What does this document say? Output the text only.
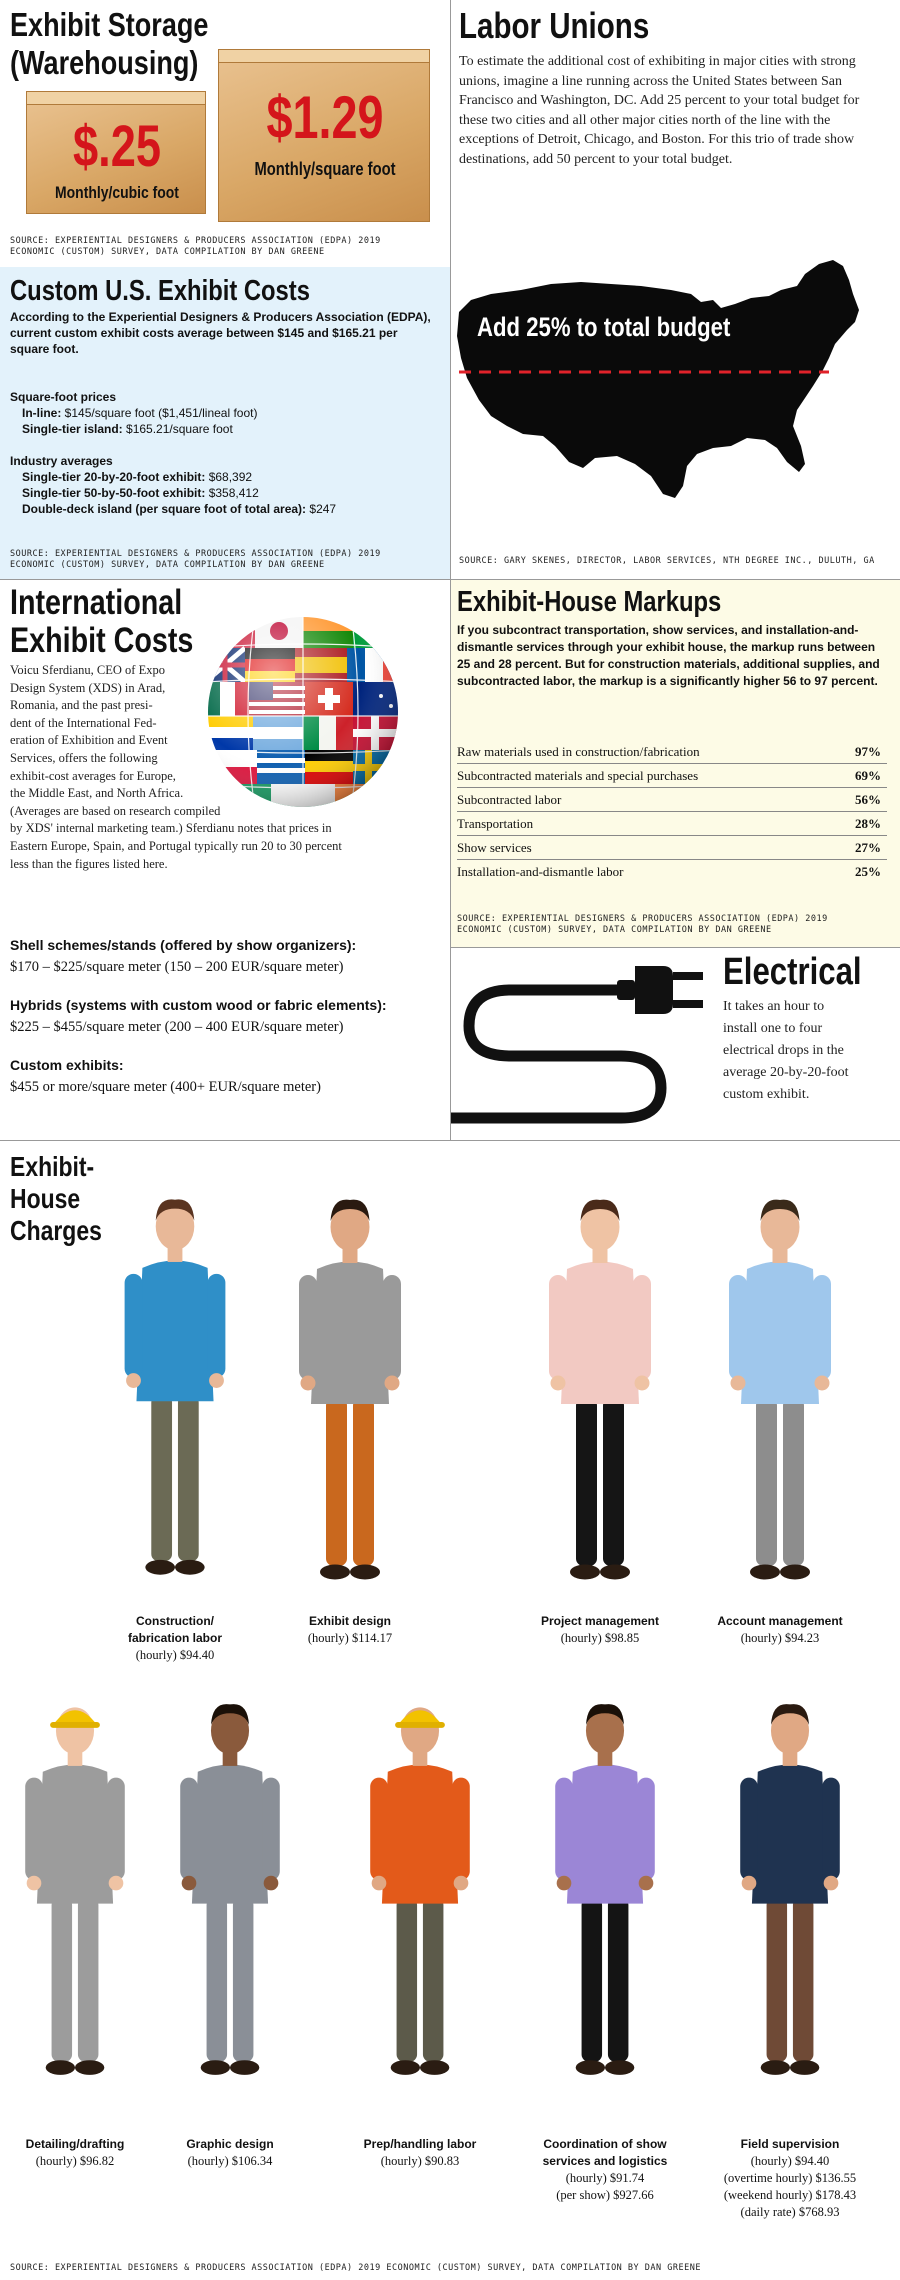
Exhibit Storage
(Warehousing)
$.25
Monthly/cubic foot
$1.29
Monthly/square foot
SOURCE: EXPERIENTIAL DESIGNERS & PRODUCERS ASSOCIATION (EDPA) 2019
ECONOMIC (CUSTOM) SURVEY, DATA COMPILATION BY DAN GREENE
Custom U.S. Exhibit Costs
According to the Experiential Designers & Producers Association (EDPA), current custom exhibit costs average between $145 and $165.21 per square foot.
Square-foot prices
In-line: $145/square foot ($1,451/lineal foot)
Single-tier island: $165.21/square foot
Industry averages
Single-tier 20-by-20-foot exhibit: $68,392
Single-tier 50-by-50-foot exhibit: $358,412
Double-deck island (per square foot of total area): $247
SOURCE: EXPERIENTIAL DESIGNERS & PRODUCERS ASSOCIATION (EDPA) 2019
ECONOMIC (CUSTOM) SURVEY, DATA COMPILATION BY DAN GREENE
Labor Unions
To estimate the additional cost of exhibiting in major cities with strong unions, imagine a line running across the United States between San Francisco and Washington, DC. Add 25 percent to your total budget for these two cities and all other major cities north of the line with the exceptions of Detroit, Chicago, and Boston. For this trio of trade show destinations, add 50 percent to your total budget.
Add 25% to total budget
SOURCE: GARY SKENES, DIRECTOR, LABOR SERVICES, NTH DEGREE INC., DULUTH, GA
International
Exhibit Costs
Voicu Sferdianu, CEO of Expo
Design System (XDS) in Arad,
Romania, and the past presi-
dent of the International Fed-
eration of Exhibition and Event
Services, offers the following
exhibit-cost averages for Europe,
the Middle East, and North Africa.
(Averages are based on research compiled
by XDS' internal marketing team.) Sferdianu notes that prices in
Eastern Europe, Spain, and Portugal typically run 20 to 30 percent
less than the figures listed here.
Shell schemes/stands (offered by show organizers):
$170 – $225/square meter (150 – 200 EUR/square meter)
Hybrids (systems with custom wood or fabric elements):
$225 – $455/square meter (200 – 400 EUR/square meter)
Custom exhibits:
$455 or more/square meter (400+ EUR/square meter)
Exhibit-House Markups
If you subcontract transportation, show services, and installation-and-dismantle services through your exhibit house, the markup runs between 25 and 28 percent. But for construction materials, additional supplies, and subcontracted labor, the markup is a significantly higher 56 to 97 percent.
Raw materials used in construction/fabrication	97%
Subcontracted materials and special purchases	69%
Subcontracted labor	56%
Transportation	28%
Show services	27%
Installation-and-dismantle labor	25%
SOURCE: EXPERIENTIAL DESIGNERS & PRODUCERS ASSOCIATION (EDPA) 2019
ECONOMIC (CUSTOM) SURVEY, DATA COMPILATION BY DAN GREENE
Electrical
It takes an hour to
install one to four
electrical drops in the
average 20-by-20-foot
custom exhibit.
Exhibit-
House
Charges
Construction/
fabrication labor
(hourly) $94.40
Exhibit design
(hourly) $114.17
Project management
(hourly) $98.85
Account management
(hourly) $94.23
Detailing/drafting
(hourly) $96.82
Graphic design
(hourly) $106.34
Prep/handling labor
(hourly) $90.83
Coordination of show
services and logistics
(hourly) $91.74
(per show) $927.66
Field supervision
(hourly) $94.40
(overtime hourly) $136.55
(weekend hourly) $178.43
(daily rate) $768.93
SOURCE: EXPERIENTIAL DESIGNERS & PRODUCERS ASSOCIATION (EDPA) 2019 ECONOMIC (CUSTOM) SURVEY, DATA COMPILATION BY DAN GREENE
